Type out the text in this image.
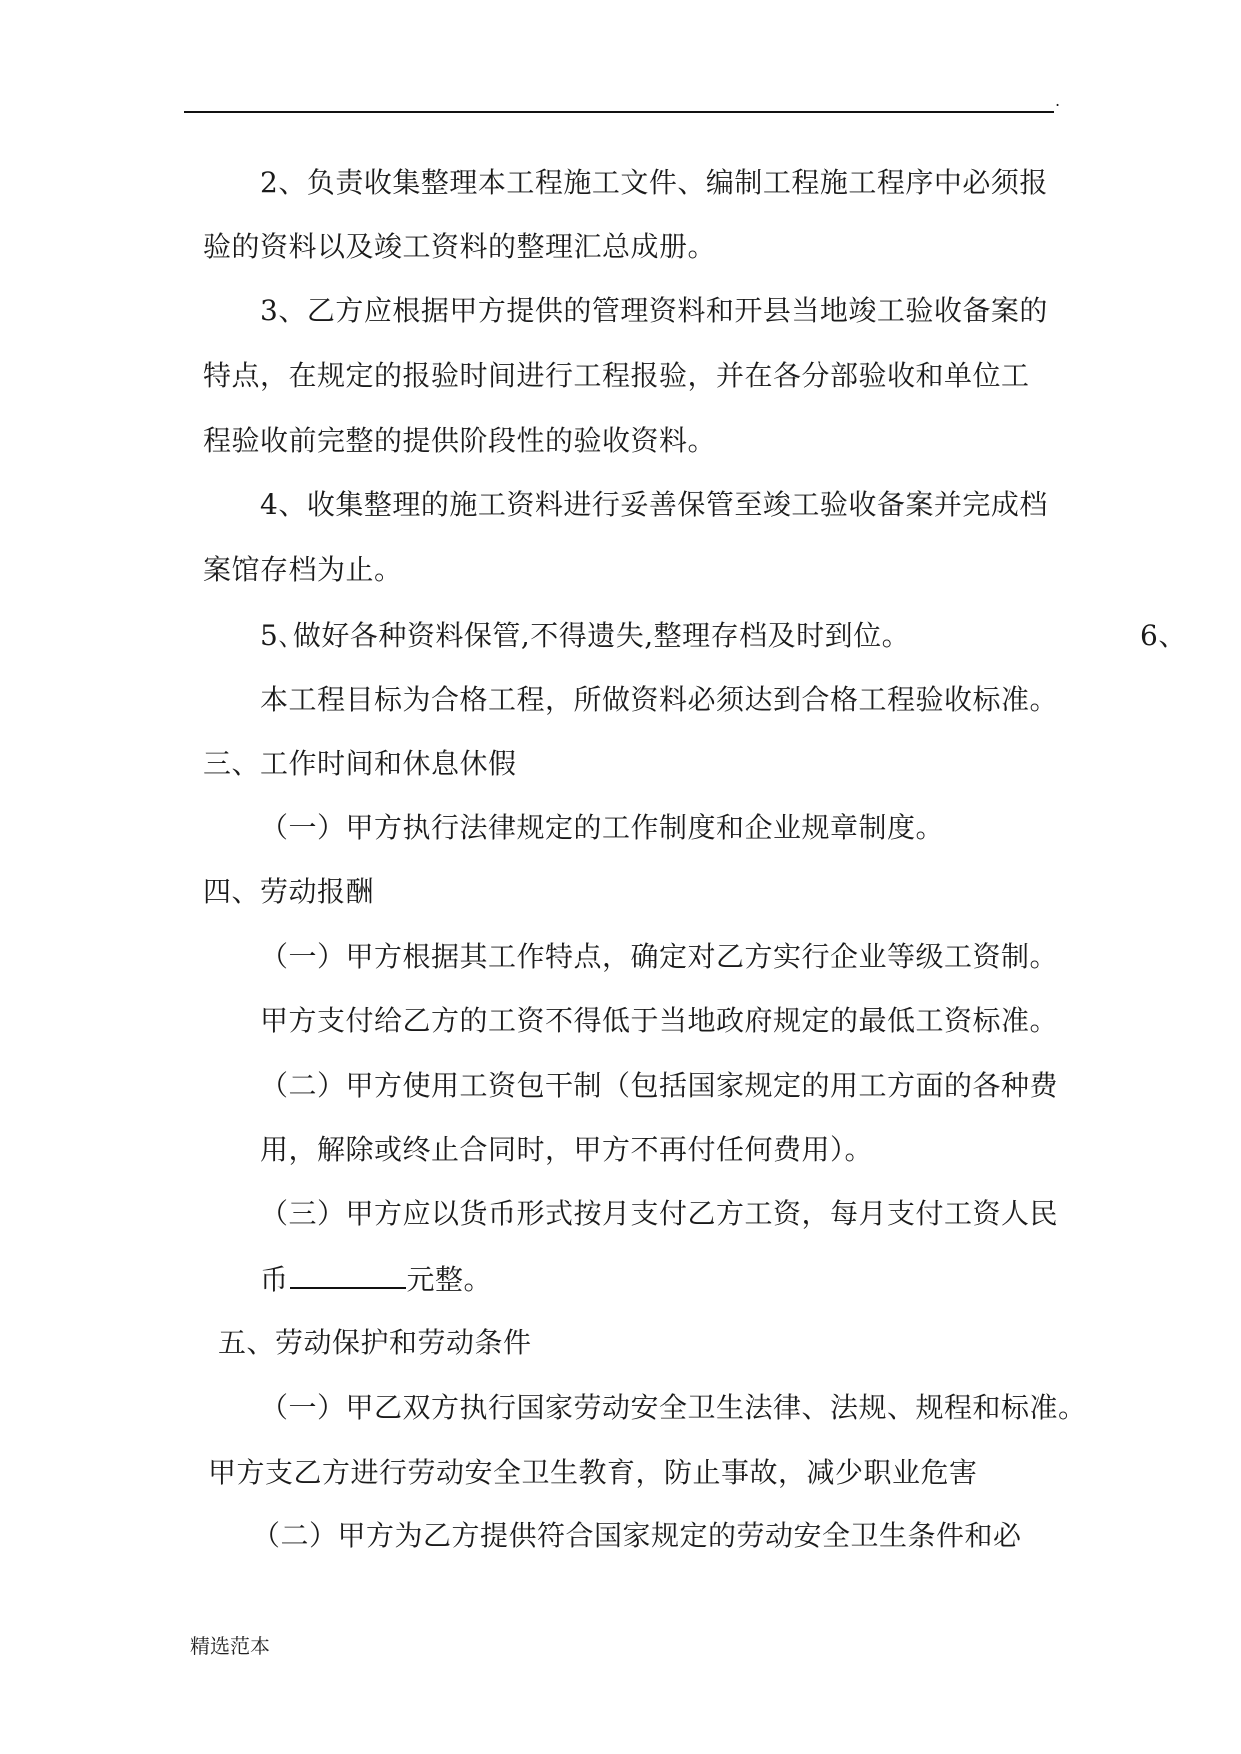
.
2、负责收集整理本工程施工文件、编制工程施工程序中必须报
验的资料以及竣工资料的整理汇总成册。
3、乙方应根据甲方提供的管理资料和开县当地竣工验收备案的
特点，在规定的报验时间进行工程报验，并在各分部验收和单位工
程验收前完整的提供阶段性的验收资料。
4、收集整理的施工资料进行妥善保管至竣工验收备案并完成档
案馆存档为止。
5､做好各种资料保管,不得遗失,整理存档及时到位。	6、
本工程目标为合格工程，所做资料必须达到合格工程验收标准。
三、工作时间和休息休假
（一）甲方执行法律规定的工作制度和企业规章制度。
四、劳动报酬
（一）甲方根据其工作特点，确定对乙方实行企业等级工资制。
甲方支付给乙方的工资不得低于当地政府规定的最低工资标准。
（二）甲方使用工资包干制（包括国家规定的用工方面的各种费
用，解除或终止合同时，甲方不再付任何费用）。
（三）甲方应以货币形式按月支付乙方工资，每月支付工资人民
币	元整。
五、劳动保护和劳动条件
（一）甲乙双方执行国家劳动安全卫生法律、法规、规程和标准。
甲方支乙方进行劳动安全卫生教育，防止事故，减少职业危害
（二）甲方为乙方提供符合国家规定的劳动安全卫生条件和必
精选范本
